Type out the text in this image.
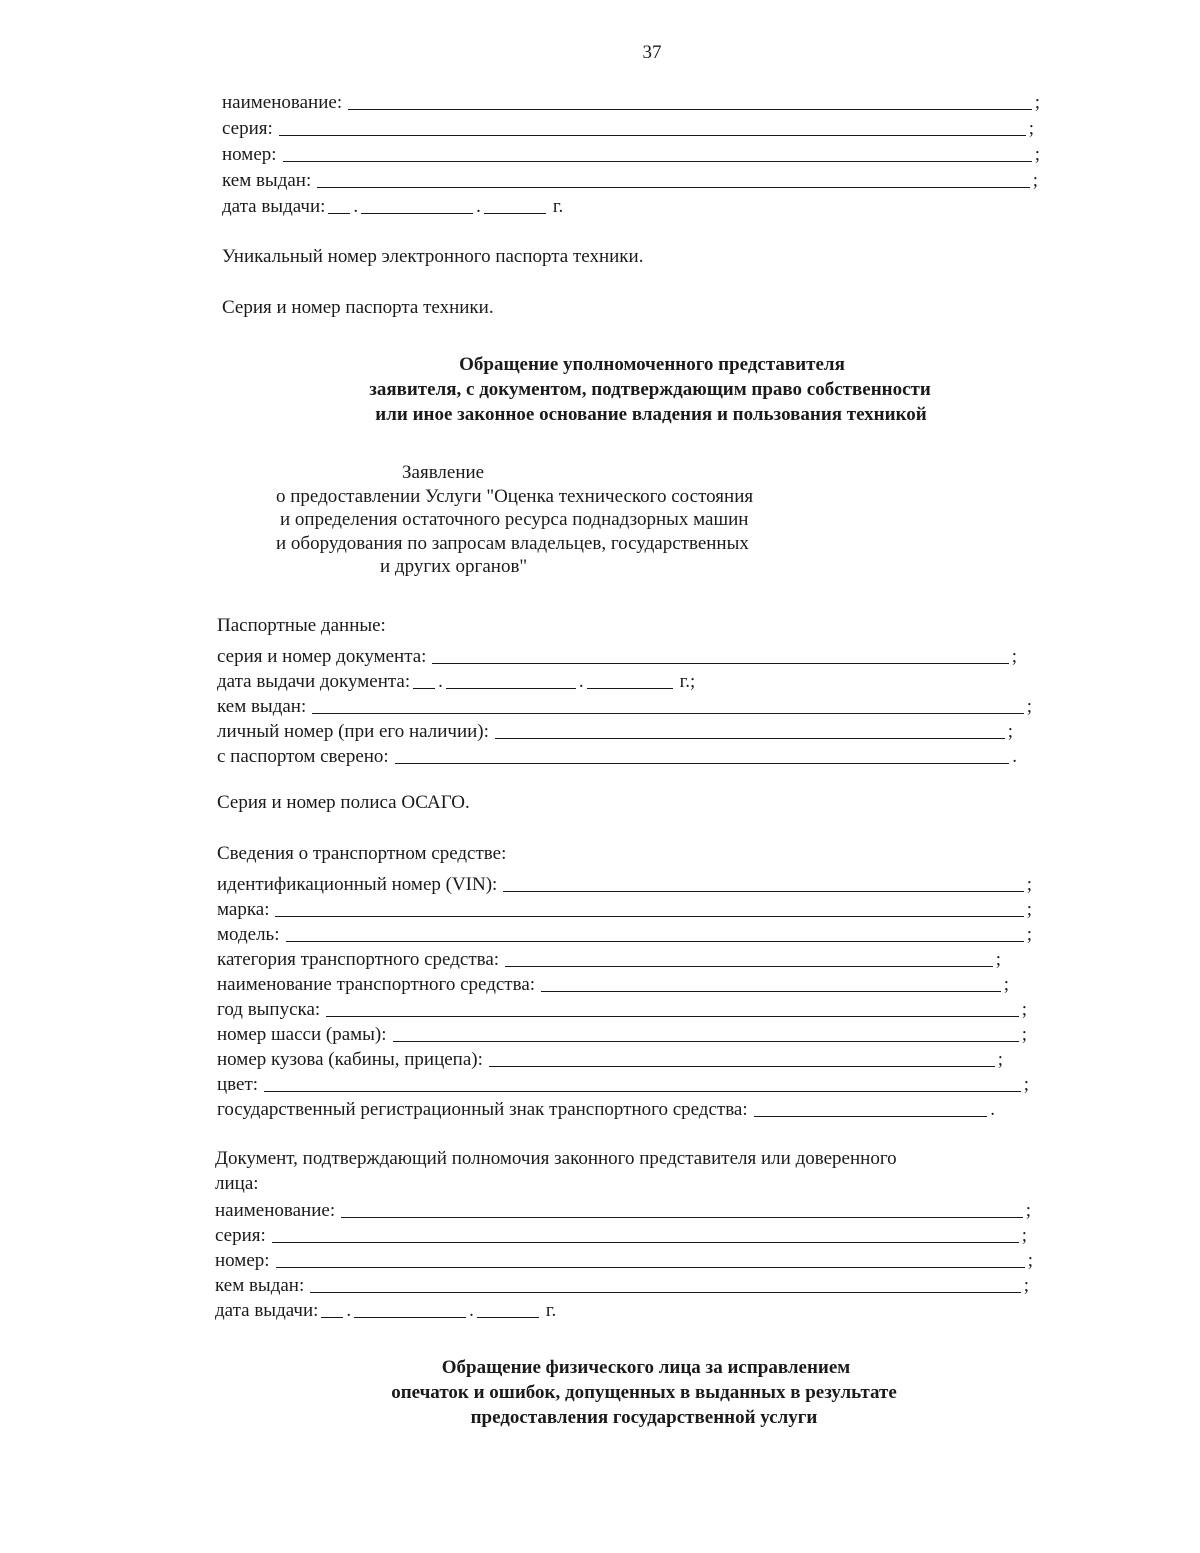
37
наименование:	;
серия:	;
номер:	;
кем выдан:	;
дата выдачи: .	.	г.
Уникальный номер электронного паспорта техники.
Серия и номер паспорта техники.
Обращение уполномоченного представителя
заявителя, с документом, подтверждающим право собственности
или иное законное основание владения и пользования техникой
Заявление
о предоставлении Услуги "Оценка технического состояния
и определения остаточного ресурса поднадзорных машин
и оборудования по запросам владельцев, государственных
и других органов"
Паспортные данные:
серия и номер документа:	;
дата выдачи документа: .	.	г.;
кем выдан:	;
личный номер (при его наличии):	;
с паспортом сверено:	.
Серия и номер полиса ОСАГО.
Сведения о транспортном средстве:
идентификационный номер (VIN):	;
марка:	;
модель:	;
категория транспортного средства:	;
наименование транспортного средства:	;
год выпуска:	;
номер шасси (рамы):	;
номер кузова (кабины, прицепа):	;
цвет:	;
государственный регистрационный знак транспортного средства:	.
Документ, подтверждающий полномочия законного представителя или доверенного
лица:
наименование:	;
серия:	;
номер:	;
кем выдан:	;
дата выдачи: .	.	г.
Обращение физического лица за исправлением
опечаток и ошибок, допущенных в выданных в результате
предоставления государственной услуги
